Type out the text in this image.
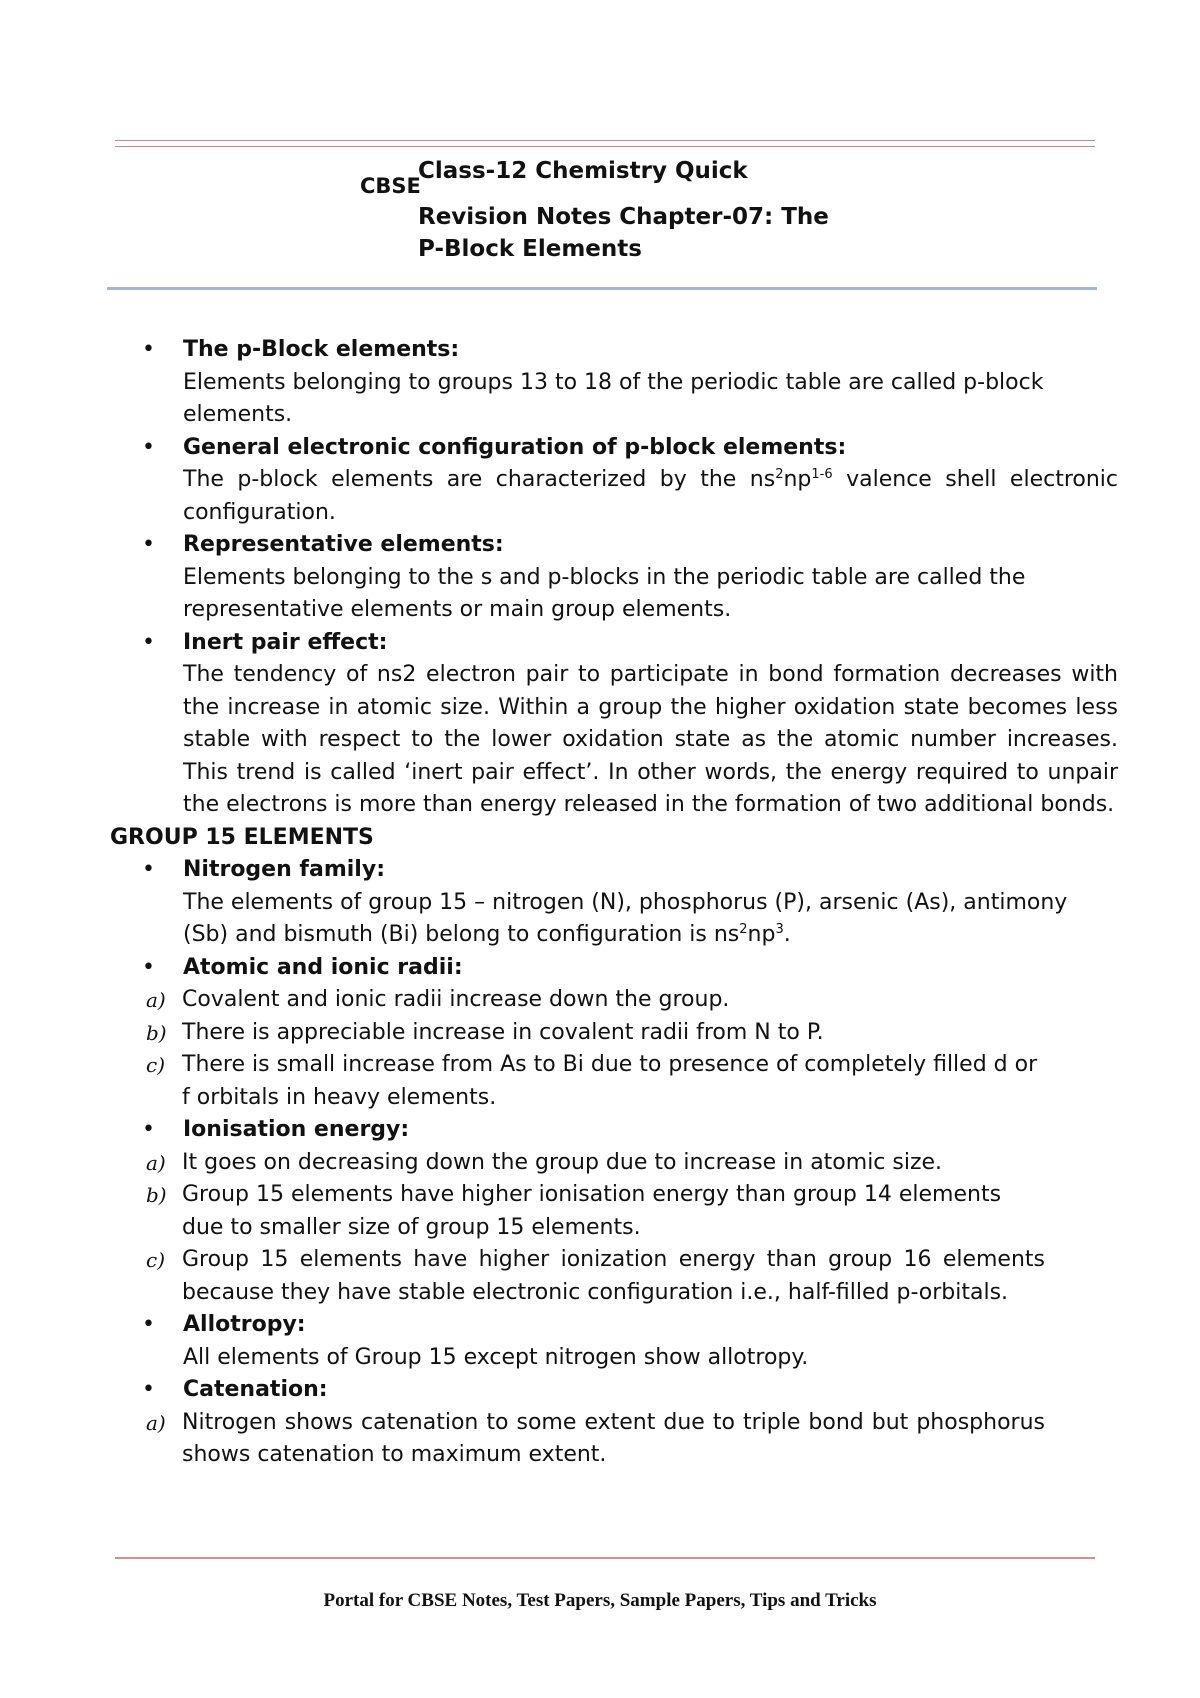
CBSE
Class-12 Chemistry Quick
Revision Notes Chapter-07: The
P-Block Elements
• The p-Block elements:
Elements belonging to groups 13 to 18 of the periodic table are called p-block elements.
• General electronic configuration of p-block elements:
The p-block elements are characterized by the $ns^2np^{1-6}$ valence shell electronic configuration.
• Representative elements:
Elements belonging to the s and p-blocks in the periodic table are called the representative elements or main group elements.
• Inert pair effect:
The tendency of ns2 electron pair to participate in bond formation decreases with the increase in atomic size. Within a group the higher oxidation state becomes less stable with respect to the lower oxidation state as the atomic number increases. This trend is called ‘inert pair effect’. In other words, the energy required to unpair the electrons is more than energy released in the formation of two additional bonds.
GROUP 15 ELEMENTS
• Nitrogen family:
The elements of group 15 – nitrogen (N), phosphorus (P), arsenic (As), antimony (Sb) and bismuth (Bi) belong to configuration is $ns^2np^3$.
• Atomic and ionic radii:
a) Covalent and ionic radii increase down the group.
b) There is appreciable increase in covalent radii from N to P.
c) There is small increase from As to Bi due to presence of completely filled d or f orbitals in heavy elements.
• Ionisation energy:
a) It goes on decreasing down the group due to increase in atomic size.
b) Group 15 elements have higher ionisation energy than group 14 elements due to smaller size of group 15 elements.
c) Group 15 elements have higher ionization energy than group 16 elements because they have stable electronic configuration i.e., half-filled p-orbitals.
• Allotropy:
All elements of Group 15 except nitrogen show allotropy.
• Catenation:
a) Nitrogen shows catenation to some extent due to triple bond but phosphorus shows catenation to maximum extent.
Portal for CBSE Notes, Test Papers, Sample Papers, Tips and Tricks
